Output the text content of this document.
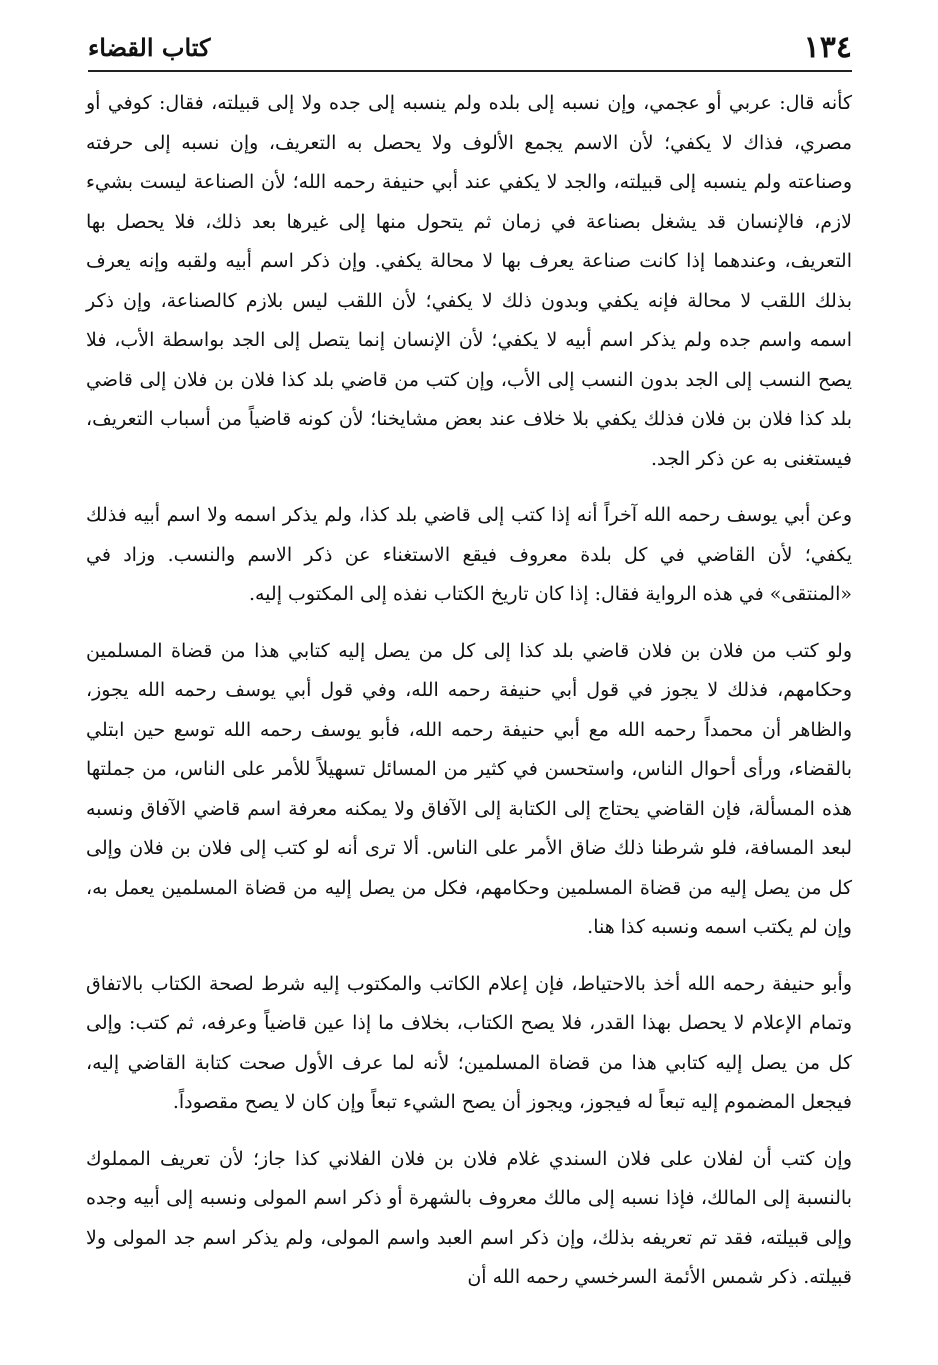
١٣٤
كتاب القضاء

كأنه قال: عربي أو عجمي، وإن نسبه إلى بلده ولم ينسبه إلى جده ولا إلى قبيلته، فقال: كوفي أو مصري، فذاك لا يكفي؛ لأن الاسم يجمع الألوف ولا يحصل به التعريف، وإن نسبه إلى حرفته وصناعته ولم ينسبه إلى قبيلته، والجد لا يكفي عند أبي حنيفة رحمه الله؛ لأن الصناعة ليست بشيء لازم، فالإنسان قد يشغل بصناعة في زمان ثم يتحول منها إلى غيرها بعد ذلك، فلا يحصل بها التعريف، وعندهما إذا كانت صناعة يعرف بها لا محالة يكفي. وإن ذكر اسم أبيه ولقبه وإنه يعرف بذلك اللقب لا محالة فإنه يكفي وبدون ذلك لا يكفي؛ لأن اللقب ليس بلازم كالصناعة، وإن ذكر اسمه واسم جده ولم يذكر اسم أبيه لا يكفي؛ لأن الإنسان إنما يتصل إلى الجد بواسطة الأب، فلا يصح النسب إلى الجد بدون النسب إلى الأب، وإن كتب من قاضي بلد كذا فلان بن فلان إلى قاضي بلد كذا فلان بن فلان فذلك يكفي بلا خلاف عند بعض مشايخنا؛ لأن كونه قاضياً من أسباب التعريف، فيستغنى به عن ذكر الجد.

وعن أبي يوسف رحمه الله آخراً أنه إذا كتب إلى قاضي بلد كذا، ولم يذكر اسمه ولا اسم أبيه فذلك يكفي؛ لأن القاضي في كل بلدة معروف فيقع الاستغناء عن ذكر الاسم والنسب. وزاد في «المنتقى» في هذه الرواية فقال: إذا كان تاريخ الكتاب نفذه إلى المكتوب إليه.

ولو كتب من فلان بن فلان قاضي بلد كذا إلى كل من يصل إليه كتابي هذا من قضاة المسلمين وحكامهم، فذلك لا يجوز في قول أبي حنيفة رحمه الله، وفي قول أبي يوسف رحمه الله يجوز، والظاهر أن محمداً رحمه الله مع أبي حنيفة رحمه الله، فأبو يوسف رحمه الله توسع حين ابتلي بالقضاء، ورأى أحوال الناس، واستحسن في كثير من المسائل تسهيلاً للأمر على الناس، من جملتها هذه المسألة، فإن القاضي يحتاج إلى الكتابة إلى الآفاق ولا يمكنه معرفة اسم قاضي الآفاق ونسبه لبعد المسافة، فلو شرطنا ذلك ضاق الأمر على الناس. ألا ترى أنه لو كتب إلى فلان بن فلان وإلى كل من يصل إليه من قضاة المسلمين وحكامهم، فكل من يصل إليه من قضاة المسلمين يعمل به، وإن لم يكتب اسمه ونسبه كذا هنا.

وأبو حنيفة رحمه الله أخذ بالاحتياط، فإن إعلام الكاتب والمكتوب إليه شرط لصحة الكتاب بالاتفاق وتمام الإعلام لا يحصل بهذا القدر، فلا يصح الكتاب، بخلاف ما إذا عين قاضياً وعرفه، ثم كتب: وإلى كل من يصل إليه كتابي هذا من قضاة المسلمين؛ لأنه لما عرف الأول صحت كتابة القاضي إليه، فيجعل المضموم إليه تبعاً له فيجوز، ويجوز أن يصح الشيء تبعاً وإن كان لا يصح مقصوداً.

وإن كتب أن لفلان على فلان السندي غلام فلان بن فلان الفلاني كذا جاز؛ لأن تعريف المملوك بالنسبة إلى المالك، فإذا نسبه إلى مالك معروف بالشهرة أو ذكر اسم المولى ونسبه إلى أبيه وجده وإلى قبيلته، فقد تم تعريفه بذلك، وإن ذكر اسم العبد واسم المولى، ولم يذكر اسم جد المولى ولا قبيلته. ذكر شمس الأئمة السرخسي رحمه الله أن
